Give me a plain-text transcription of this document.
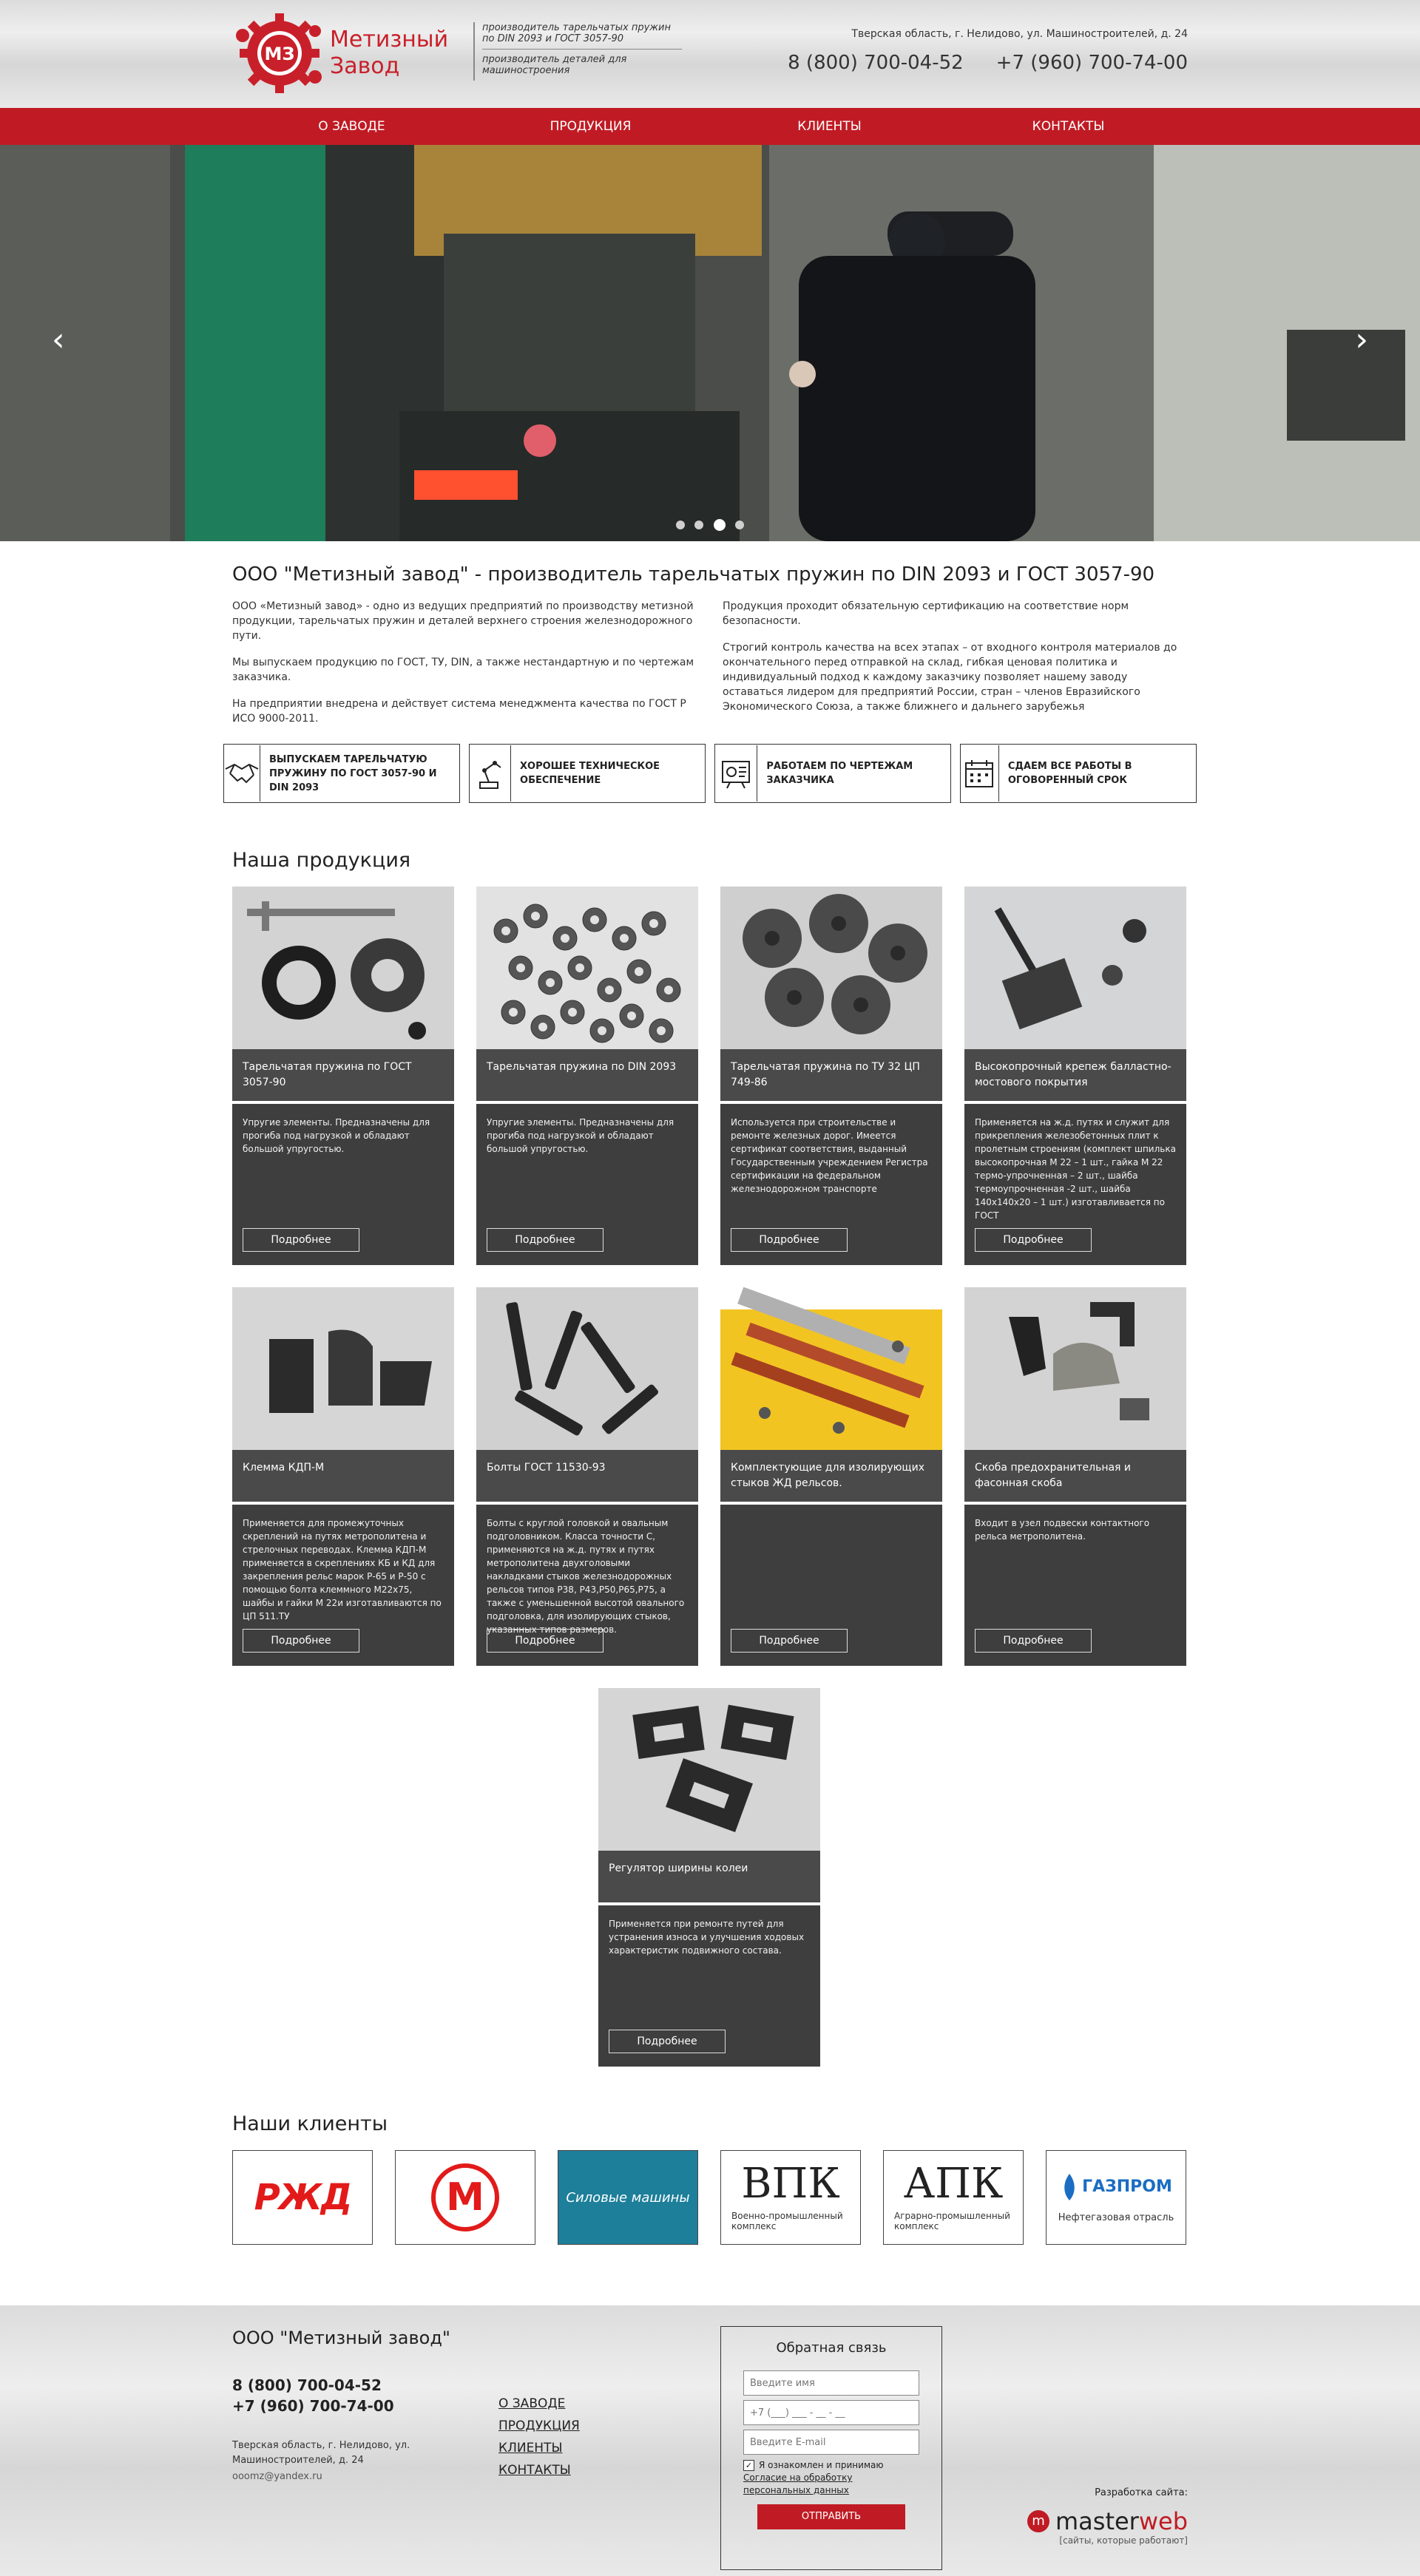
МЗ
Метизный
Завод
производитель тарельчатых пружин по DIN 2093 и ГОСТ 3057-90
производитель деталей для машиностроения
Тверская область, г. Нелидово, ул. Машиностроителей, д. 24
8 (800) 700-04-52 +7 (960) 700-74-00
О ЗАВОДЕ	ПРОДУКЦИЯ	КЛИЕНТЫ	КОНТАКТЫ
‹	›

ООО "Метизный завод" - производитель тарельчатых пружин по DIN 2093 и ГОСТ 3057-90

ООО «Метизный завод» - одно из ведущих предприятий по производству метизной продукции, тарельчатых пружин и деталей верхнего строения железнодорожного пути.

Мы выпускаем продукцию по ГОСТ, ТУ, DIN, а также нестандартную и по чертежам заказчика.

На предприятии внедрена и действует система менеджмента качества по ГОСТ Р ИСО 9000-2011.

Продукция проходит обязательную сертификацию на соответствие норм безопасности.

Строгий контроль качества на всех этапах – от входного контроля материалов до окончательного перед отправкой на склад, гибкая ценовая политика и индивидуальный подход к каждому заказчику позволяет нашему заводу оставаться лидером для предприятий России, стран – членов Евразийского Экономического Союза, а также ближнего и дальнего зарубежья

ВЫПУСКАЕМ ТАРЕЛЬЧАТУЮ ПРУЖИНУ ПО ГОСТ 3057-90 И DIN 2093
ХОРОШЕЕ ТЕХНИЧЕСКОЕ ОБЕСПЕЧЕНИЕ
РАБОТАЕМ ПО ЧЕРТЕЖАМ ЗАКАЗЧИКА
СДАЕМ ВСЕ РАБОТЫ В ОГОВОРЕННЫЙ СРОК
Наша продукция
Тарельчатая пружина по ГОСТ 3057-90
Упругие элементы. Предназначены для прогиба под нагрузкой и обладают большой упругостью.
Подробнее
Тарельчатая пружина по DIN 2093
Упругие элементы. Предназначены для прогиба под нагрузкой и обладают большой упругостью.
Подробнее
Тарельчатая пружина по ТУ 32 ЦП 749-86
Используется при строительстве и ремонте железных дорог. Имеется сертификат соответствия, выданный Государственным учреждением Регистра сертификации на федеральном железнодорожном транспорте
Подробнее
Высокопрочный крепеж балластно-мостового покрытия
Применяется на ж.д. путях и служит для прикрепления железобетонных плит к пролетным строениям (комплект шпилька высокопрочная М 22 – 1 шт., гайка М 22 термо-упрочненная – 2 шт., шайба термоупрочненная -2 шт., шайба 140х140х20 – 1 шт.) изготавливается по ГОСТ
Подробнее
Клемма КДП-М
Применяется для промежуточных скреплений на путях метрополитена и стрелочных переводах. Клемма КДП-М применяется в скреплениях КБ и КД для закрепления рельс марок Р-65 и Р-50 с помощью болта клеммного М22х75, шайбы и гайки М 22и изготавливаются по ЦП 511.ТУ
Подробнее
Болты ГОСТ 11530-93
Болты с круглой головкой и овальным подголовником. Класса точности С, применяются на ж.д. путях и путях метрополитена двухголовыми накладками стыков железнодорожных рельсов типов Р38, Р43,Р50,Р65,Р75, а также с уменьшенной высотой овального подголовка, для изолирующих стыков, указанных типов размеров.
Подробнее
Комплектующие для изолирующих стыков ЖД рельсов.
Подробнее
Скоба предохранительная и фасонная скоба
Входит в узел подвески контактного рельса метрополитена.
Подробнее
Регулятор ширины колеи
Применяется при ремонте путей для устранения износа и улучшения ходовых характеристик подвижного состава.
Подробнее
Наши клиенты
РЖД М	Силовые машины ВПК
Военно-промышленный комплекс
АПК
Аграрно-промышленный комплекс
ГАЗПРОМ
Нефтегазовая отрасль
ООО "Метизный завод"
8 (800) 700-04-52
+7 (960) 700-74-00
Тверская область, г. Нелидово, ул. Машиностроителей, д. 24
ooomz@yandex.ru
О ЗАВОДЕ
ПРОДУКЦИЯ
КЛИЕНТЫ
КОНТАКТЫ
Обратная связь
Введите имя
+7 (___) ___ - __ - __
Введите E-mail
✓ Я ознакомлен и принимаю
Согласие на обработку персональных данных
ОТПРАВИТЬ
Разработка сайта:
m masterweb
[сайты, которые работают]
